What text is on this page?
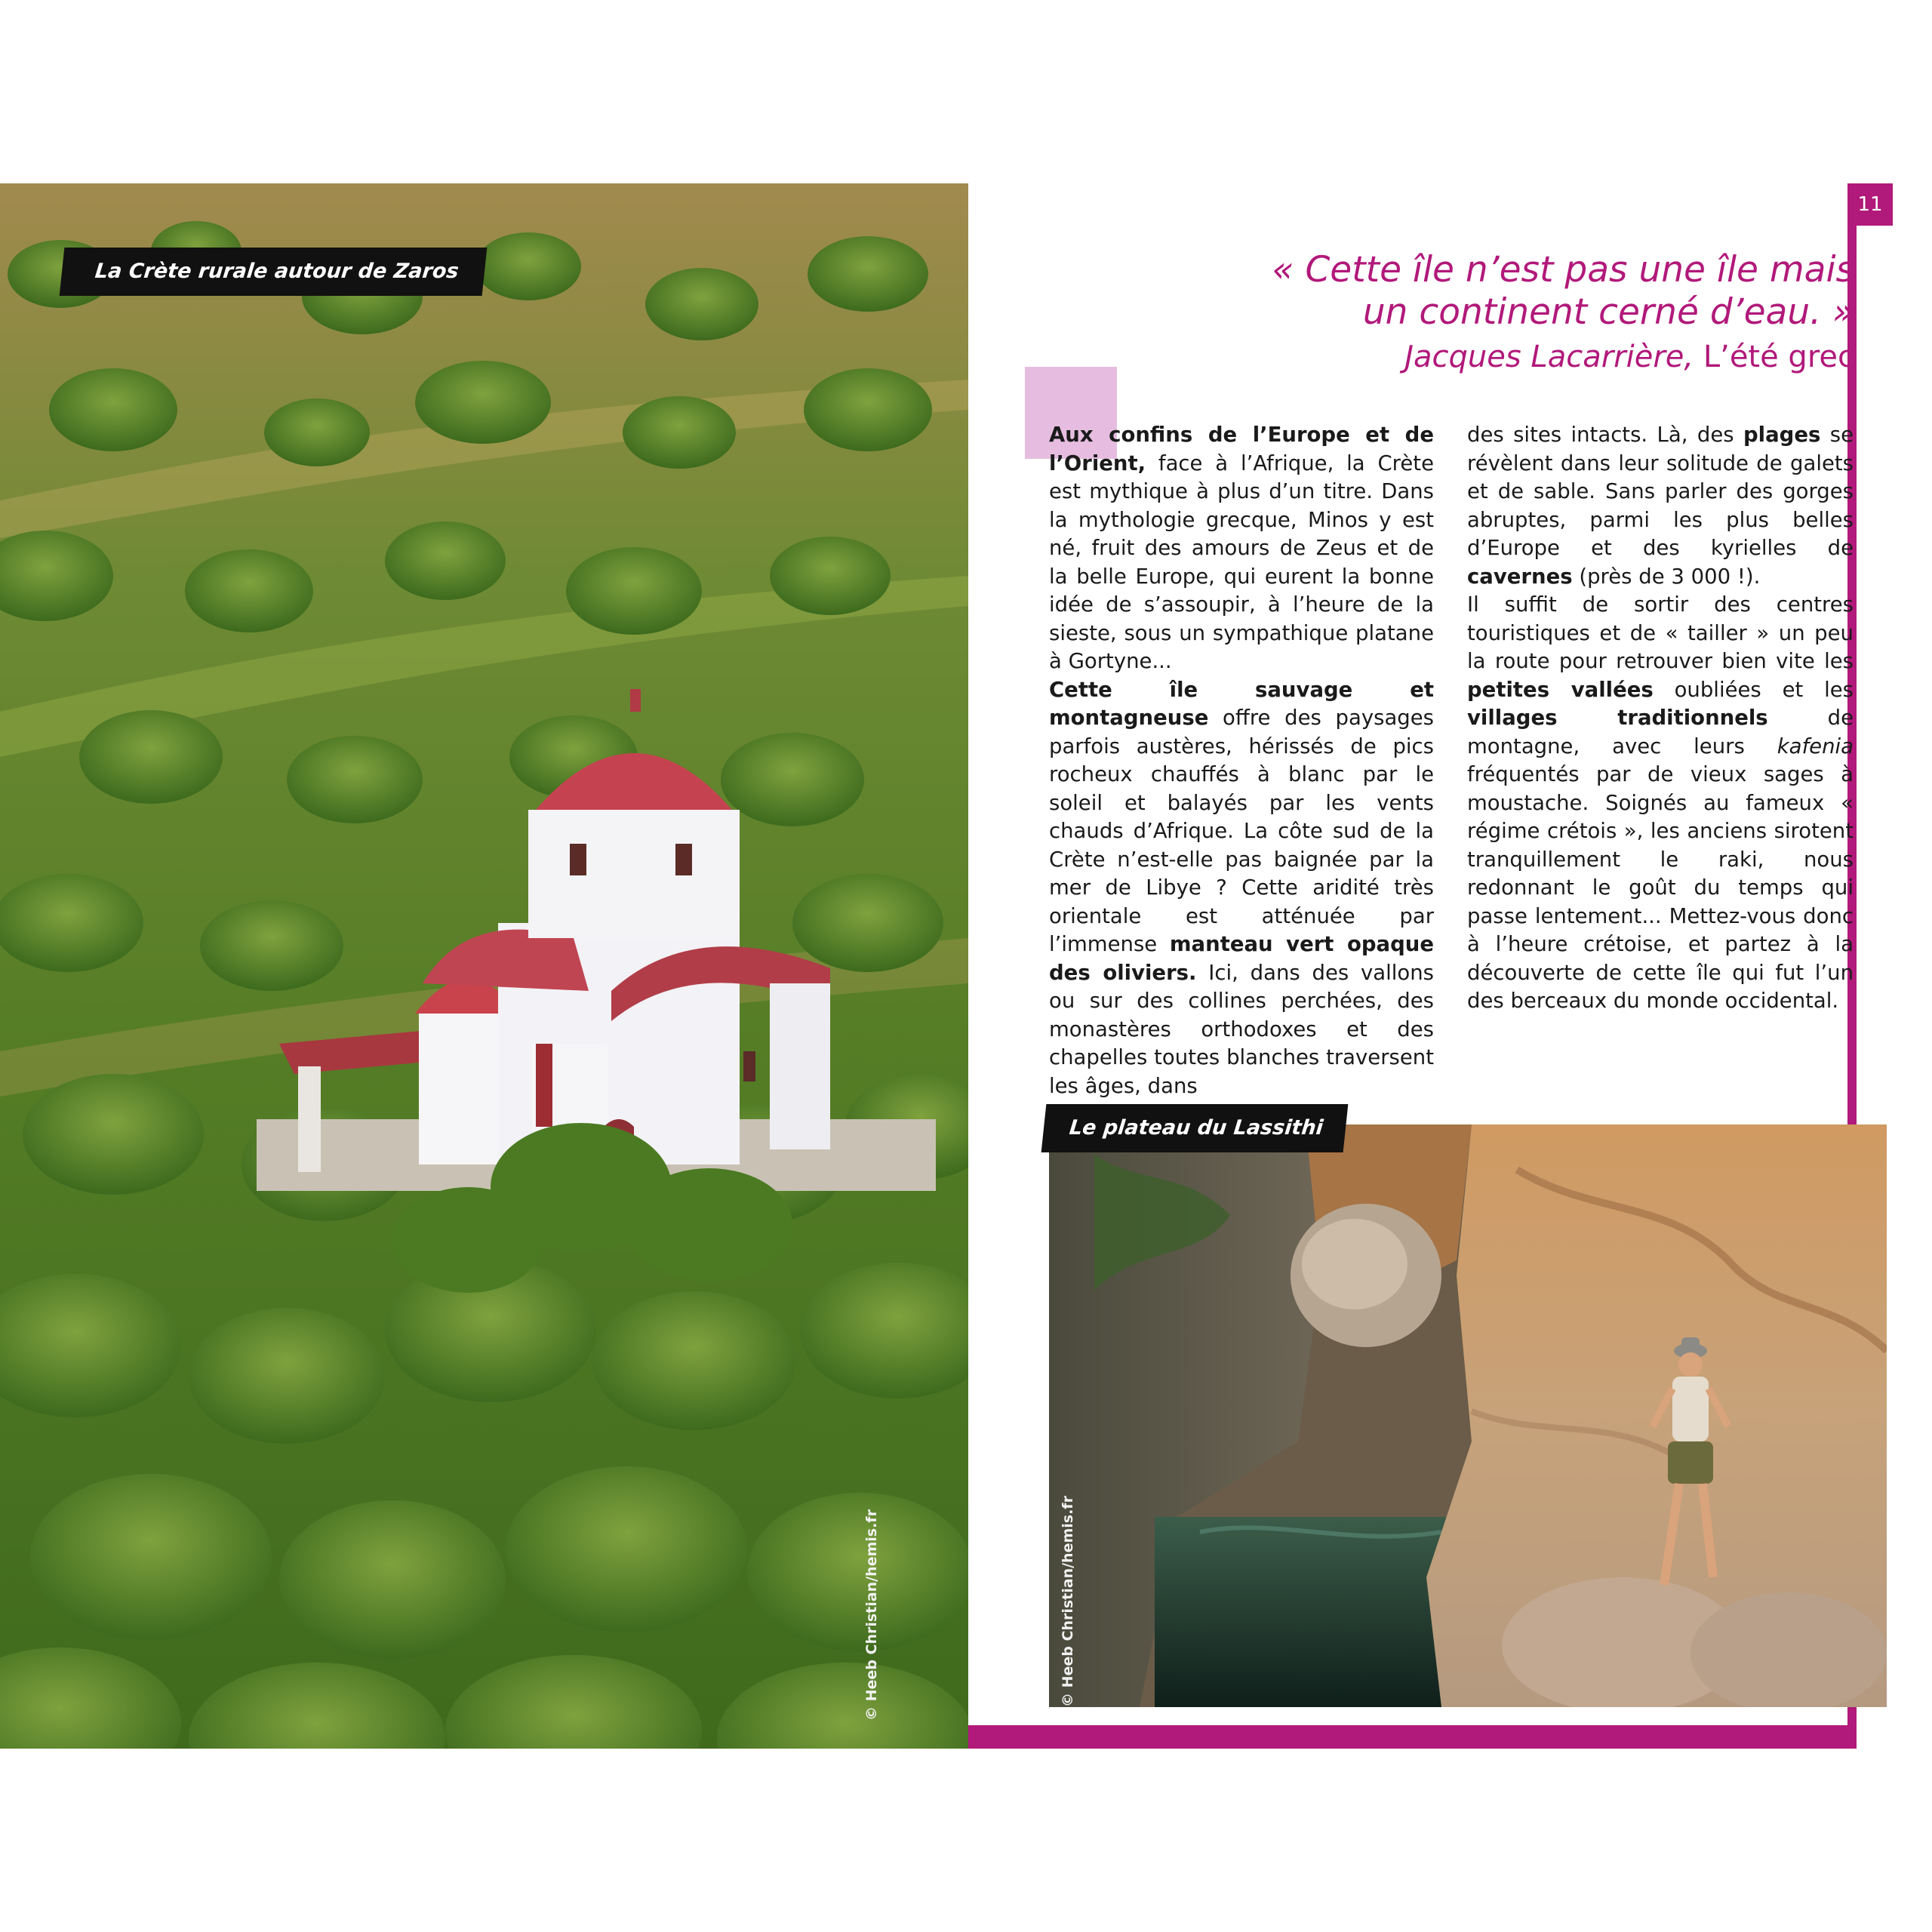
La Crète rurale autour de Zaros
© Heeb Christian/hemis.fr
11
« Cette île n’est pas une île mais
un continent cerné d’eau. »
Jacques Lacarrière, L’été grec

Aux confins de l’Europe et de l’Orient, face à l’Afrique, la Crète est mythique à plus d’un titre. Dans la mythologie grecque, Minos y est né, fruit des amours de Zeus et de la belle Europe, qui eurent la bonne idée de s’assoupir, à l’heure de la sieste, sous un sympathique platane à Gortyne...

Cette île sauvage et montagneuse offre des paysages parfois austères, hérissés de pics rocheux chauffés à blanc par le soleil et balayés par les vents chauds d’Afrique. La côte sud de la Crète n’est-elle pas baignée par la mer de Libye ? Cette aridité très orientale est atténuée par l’immense manteau vert opaque des oliviers. Ici, dans des vallons ou sur des collines perchées, des monastères orthodoxes et des chapelles toutes blanches traversent les âges, dans

des sites intacts. Là, des plages se révèlent dans leur solitude de galets et de sable. Sans parler des gorges abruptes, parmi les plus belles d’Europe et des kyrielles de cavernes (près de 3 000 !).

Il suffit de sortir des centres touristiques et de « tailler » un peu la route pour retrouver bien vite les petites vallées oubliées et les villages traditionnels	de montagne, avec leurs kafenia fréquentés par de vieux sages à moustache. Soignés au fameux « régime crétois », les anciens sirotent tranquillement le raki, nous redonnant le goût du temps qui passe lentement... Mettez-vous donc à l’heure crétoise, et partez à la découverte de cette île qui fut l’un des berceaux du monde occidental.

Le plateau du Lassithi
© Heeb Christian/hemis.fr
